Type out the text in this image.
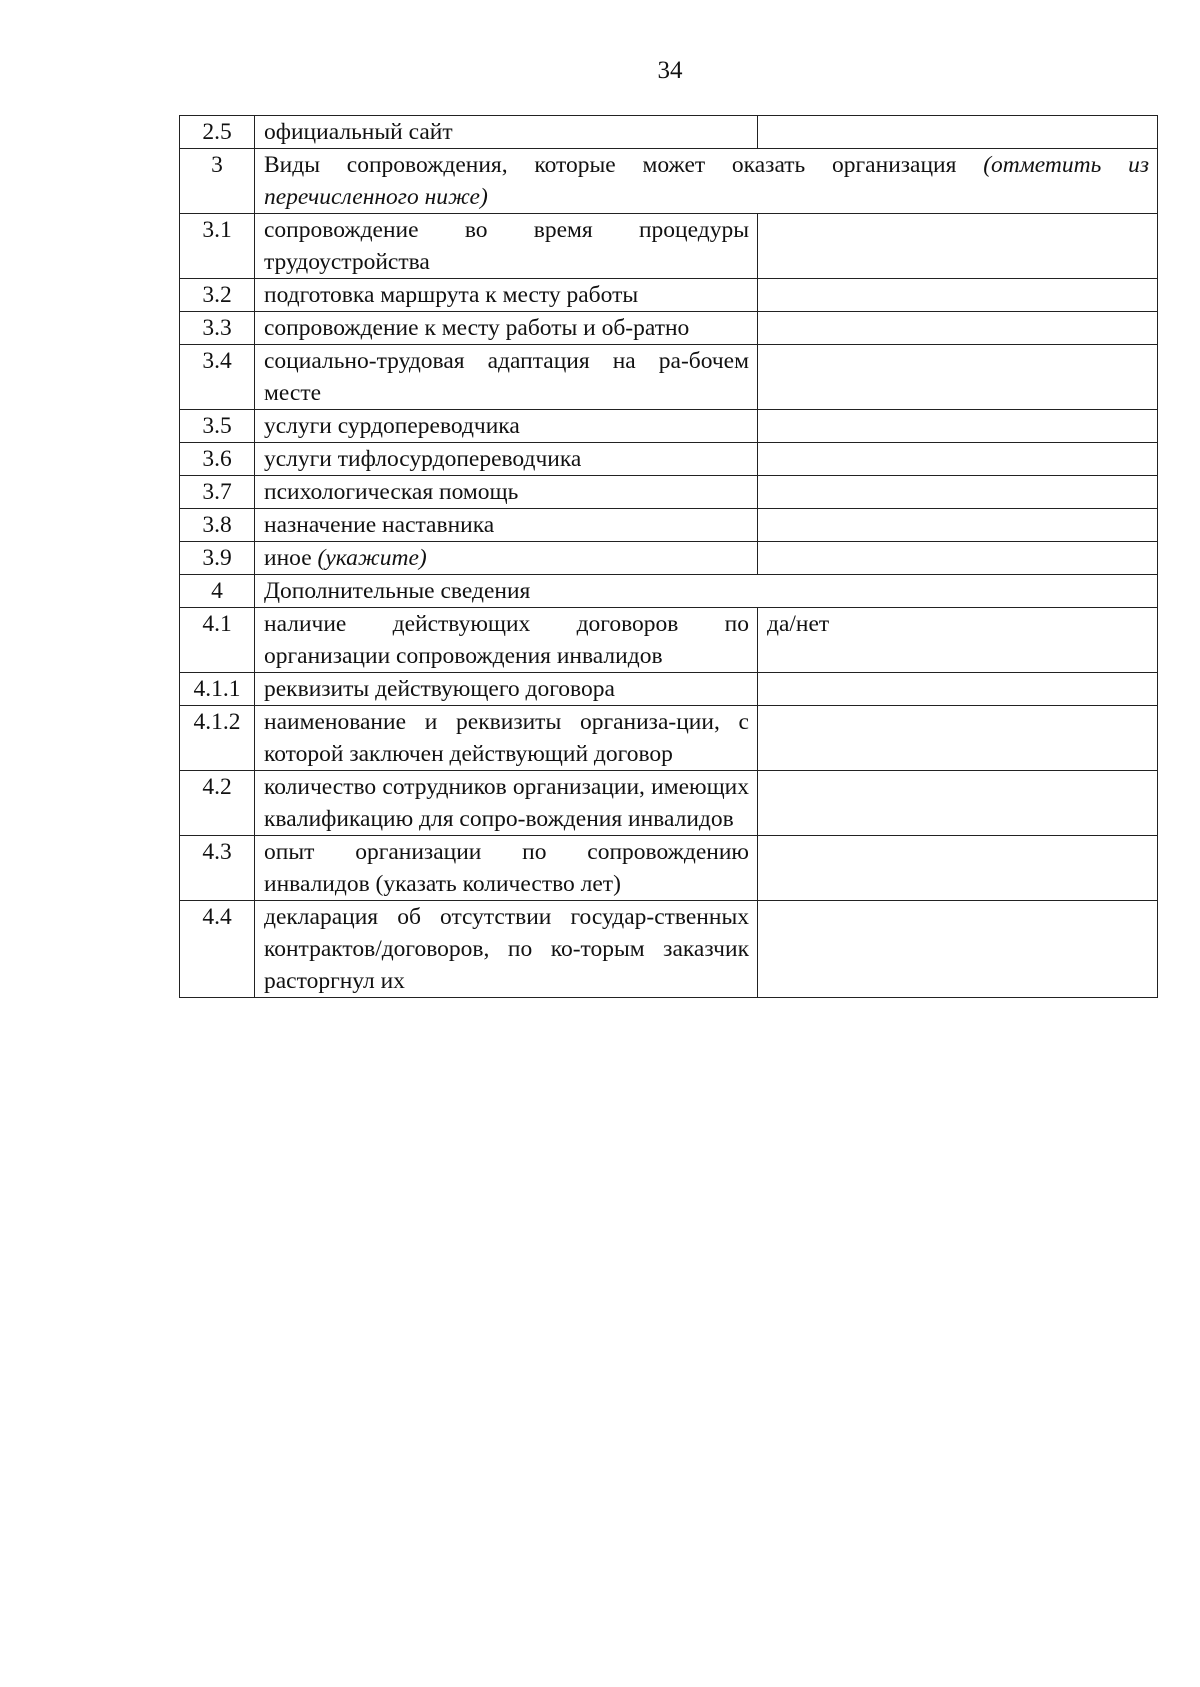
34
2.5	официальный сайт	
3	Виды сопровождения, которые может оказать организация (отметить из перечисленного ниже)	
3.1	сопровождение во время процедуры трудоустройства	
3.2	подготовка маршрута к месту работы	
3.3	сопровождение к месту работы и об-ратно	
3.4	социально-трудовая адаптация на ра-бочем месте	
3.5	услуги сурдопереводчика	
3.6	услуги тифлосурдопереводчика	
3.7	психологическая помощь	
3.8	назначение наставника	
3.9	иное (укажите)	
4	Дополнительные сведения	
4.1	наличие действующих договоров по организации сопровождения инвалидов	да/нет
4.1.1	реквизиты действующего договора	
4.1.2	наименование и реквизиты организа-ции, с которой заключен действующий договор	
4.2	количество сотрудников организации, имеющих квалификацию для сопро-вождения инвалидов	
4.3	опыт организации по сопровождению инвалидов (указать количество лет)	
4.4	декларация об отсутствии государ-ственных контрактов/договоров, по ко-торым заказчик расторгнул их	
